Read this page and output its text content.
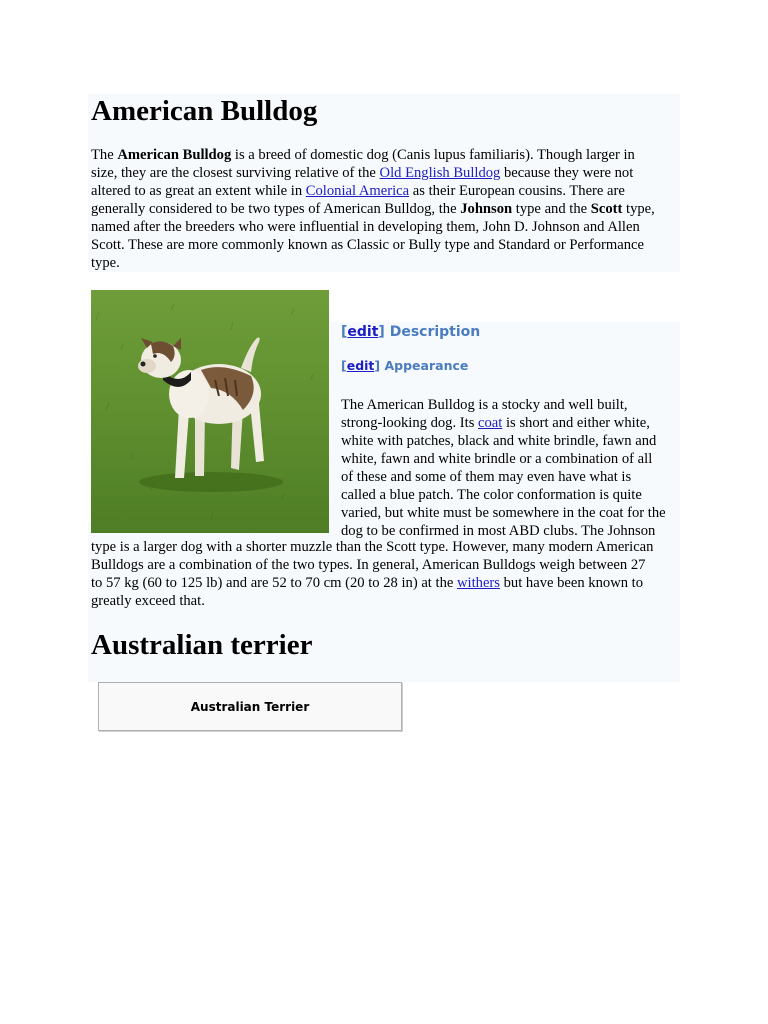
American Bulldog

The American Bulldog is a breed of domestic dog (Canis lupus familiaris). Though larger in
size, they are the closest surviving relative of the Old English Bulldog because they were not
altered to as great an extent while in Colonial America as their European cousins. There are
generally considered to be two types of American Bulldog, the Johnson type and the Scott type,
named after the breeders who were influential in developing them, John D. Johnson and Allen
Scott. These are more commonly known as Classic or Bully type and Standard or Performance
type.

[edit] Description
[edit] Appearance

The American Bulldog is a stocky and well built,
strong-looking dog. Its coat is short and either white,
white with patches, black and white brindle, fawn and
white, fawn and white brindle or a combination of all
of these and some of them may even have what is
called a blue patch. The color conformation is quite
varied, but white must be somewhere in the coat for the
dog to be confirmed in most ABD clubs. The Johnson

type is a larger dog with a shorter muzzle than the Scott type. However, many modern American
Bulldogs are a combination of the two types. In general, American Bulldogs weigh between 27
to 57 kg (60 to 125 lb) and are 52 to 70 cm (20 to 28 in) at the withers but have been known to
greatly exceed that.

Australian terrier
Australian Terrier
